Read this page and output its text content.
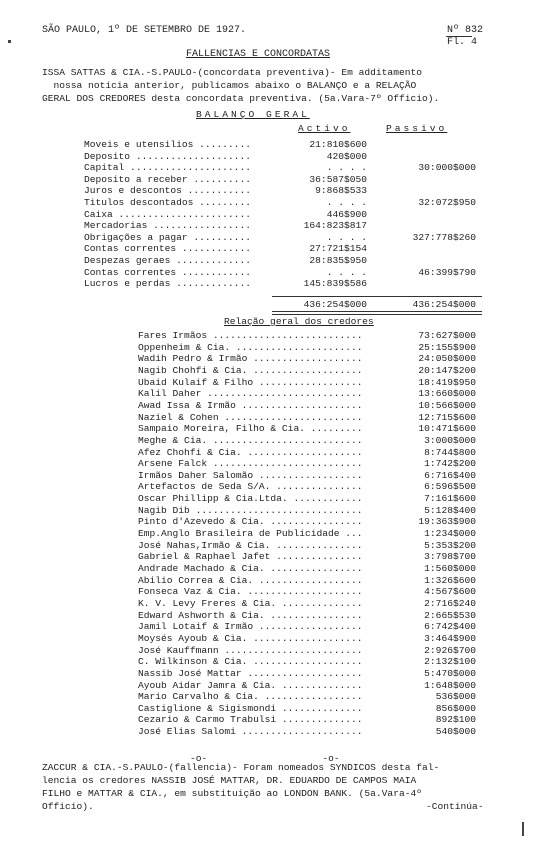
SÃO PAULO, 1º DE SETEMBRO DE 1927.	Nº 832
Fl. 4
FALLENCIAS E CONCORDATAS
ISSA SATTAS & CIA.-S.PAULO-(concordata preventiva)- Em additamento
nossa noticia anterior, publicamos abaixo o BALANÇO e a RELAÇÃO
GERAL DOS CREDORES desta concordata preventiva. (5a.Vara-7º Officio).
BALANÇO GERAL
Activo	Passivo
Moveis e utensilios .........	21:810$600
Deposito ....................	420$000
Capital .....................	. . . .	30:000$000
Deposito a receber ..........	36:587$050
Juros e descontos ...........	9:868$533
Titulos descontados .........	. . . .	32:072$950
Caixa .......................	446$900
Mercadorias .................	164:823$817
Obrigações a pagar ..........	. . . .	327:778$260
Contas correntes ............	27:721$154
Despezas geraes .............	28:835$950
Contas correntes ............	. . . .	46:399$790
Lucros e perdas .............	145:839$586
436:254$000	436:254$000
Relação geral dos credores
Fares Irmãos ..........................	73:627$000
Oppenheim & Cia. ......................	25:155$900
Wadih Pedro & Irmão ...................	24:050$000
Nagib Chohfi & Cia. ...................	20:147$200
Ubaid Kulaif & Filho ..................	18:419$950
Kalil Daher ...........................	13:660$000
Awad Issa & Irmão .....................	10:566$000
Naziel & Cohen ........................	12:715$600
Sampaio Moreira, Filho & Cia. .........	10:471$600
Meghe & Cia. ..........................	3:000$000
Afez Chohfi & Cia. ....................	8:744$800
Arsene Falck ..........................	1:742$200
Irmãos Daher Salomão ..................	6:716$400
Artefactos de Seda S/A. ...............	6:596$500
Oscar Phillipp & Cia.Ltda. ............	7:161$600
Nagib Dib .............................	5:128$400
Pinto d'Azevedo & Cia. ................	19:363$900
Emp.Anglo Brasileira de Publicidade ...	1:234$000
José Nahas,Irmão & Cia. ...............	5:353$200
Gabriel & Raphael Jafet ...............	3:798$700
Andrade Machado & Cia. ................	1:560$000
Abilio Correa & Cia. ..................	1:326$600
Fonseca Vaz & Cia. ....................	4:567$600
K. V. Levy Freres & Cia. ..............	2:716$240
Edward Ashworth & Cia. ................	2:665$530
Jamil Lotaif & Irmão ..................	6:742$400
Moysés Ayoub & Cia. ...................	3:464$900
José Kauffmann ........................	2:926$700
C. Wilkinson & Cia. ...................	2:132$100
Nassib José Mattar ....................	5:470$000
Ayoub Aidar Jamra & Cia. ..............	1:648$000
Mario Carvalho & Cia. .................	536$000
Castiglione & Sigismondi ..............	856$000
Cezario & Carmo Trabulsi ..............	892$100
José Elias Salomi .....................	540$000
-o-                    -o-
ZACCUR & CIA.-S.PAULO-(fallencia)- Foram nomeados SYNDICOS desta fal-
lencia os credores NASSIB JOSÉ MATTAR, DR. EDUARDO DE CAMPOS MAIA
FILHO e MATTAR & CIA., em substituição ao LONDON BANK. (5a.Vara-4º
Officio).	-Continúa-
